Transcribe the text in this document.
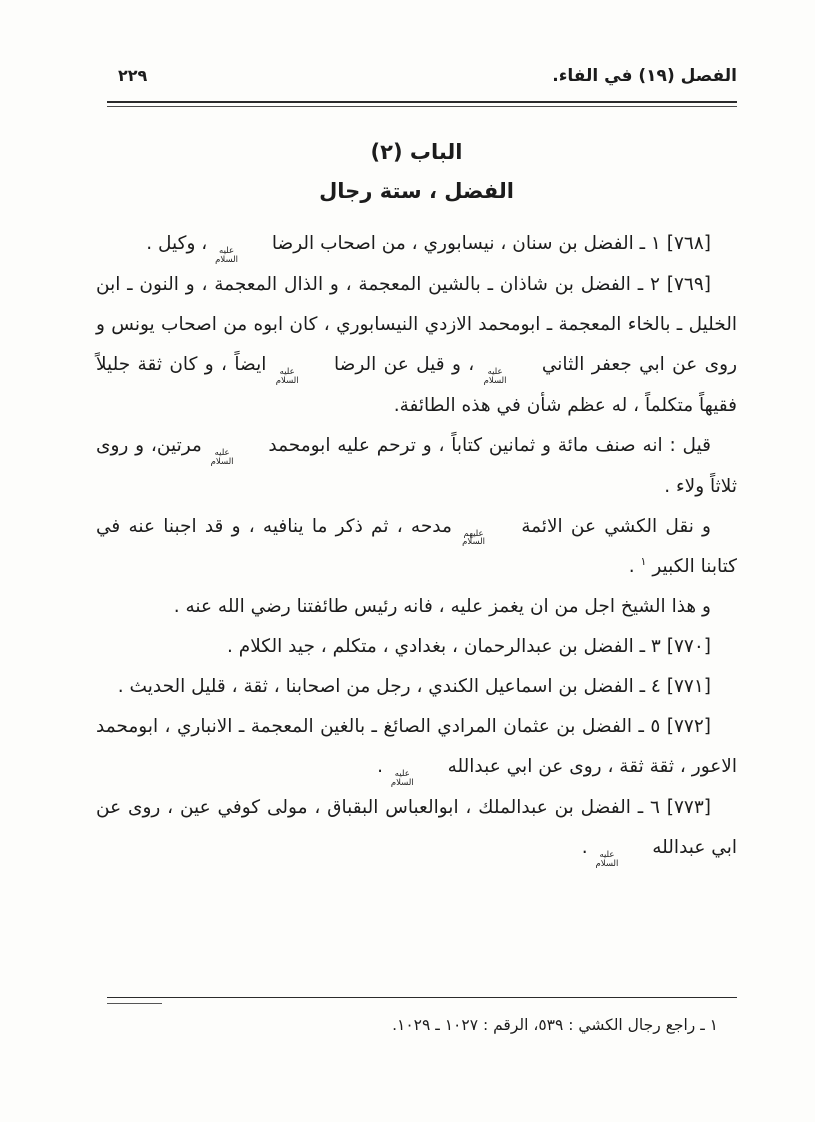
الفصل (١٩) في الفاء.
٢٢٩
الباب (٢)
الفضل ، ستة رجال

[٧٦٨] ١ ـ الفضل بن سنان ، نيسابوري ، من اصحاب الرضا
عليه
السلام
، وكيل .

[٧٦٩] ٢ ـ الفضل بن شاذان ـ بالشين المعجمة ، و الذال المعجمة ، و النون ـ ابن الخليل ـ بالخاء المعجمة ـ ابومحمد الازدي النيسابوري ، كان ابوه من اصحاب يونس و روى عن ابي جعفر الثاني
عليه
السلام
، و قيل عن الرضا
عليه
السلام
ايضاً ، و كان ثقة جليلاً فقيهاً متكلماً ، له عظم شأن في هذه الطائفة.

قيل : انه صنف مائة و ثمانين كتاباً ، و ترحم عليه ابومحمد
عليه
السلام
مرتين، و روى ثلاثاً ولاء .

و نقل الكشي عن الائمة
عليهم
السلام
مدحه ، ثم ذكر ما ينافيه ، و قد اجبنا عنه في كتابنا الكبير $^١$ .

و هذا الشيخ اجل من ان يغمز عليه ، فانه رئيس طائفتنا رضي الله عنه .

[٧٧٠] ٣ ـ الفضل بن عبدالرحمان ، بغدادي ، متكلم ، جيد الكلام .

[٧٧١] ٤ ـ الفضل بن اسماعيل الكندي ، رجل من اصحابنا ، ثقة ، قليل الحديث .

[٧٧٢] ٥ ـ الفضل بن عثمان المرادي الصائغ ـ بالغين المعجمة ـ الانباري ، ابومحمد الاعور ، ثقة ثقة ، روى عن ابي عبدالله
عليه
السلام
.

[٧٧٣] ٦ ـ الفضل بن عبدالملك ، ابوالعباس البقباق ، مولى كوفي عين ، روى عن ابي عبدالله
عليه
السلام
.

١ ـ راجع رجال الكشي : ٥٣٩، الرقم : ١٠٢٧ ـ ١٠٢٩.
